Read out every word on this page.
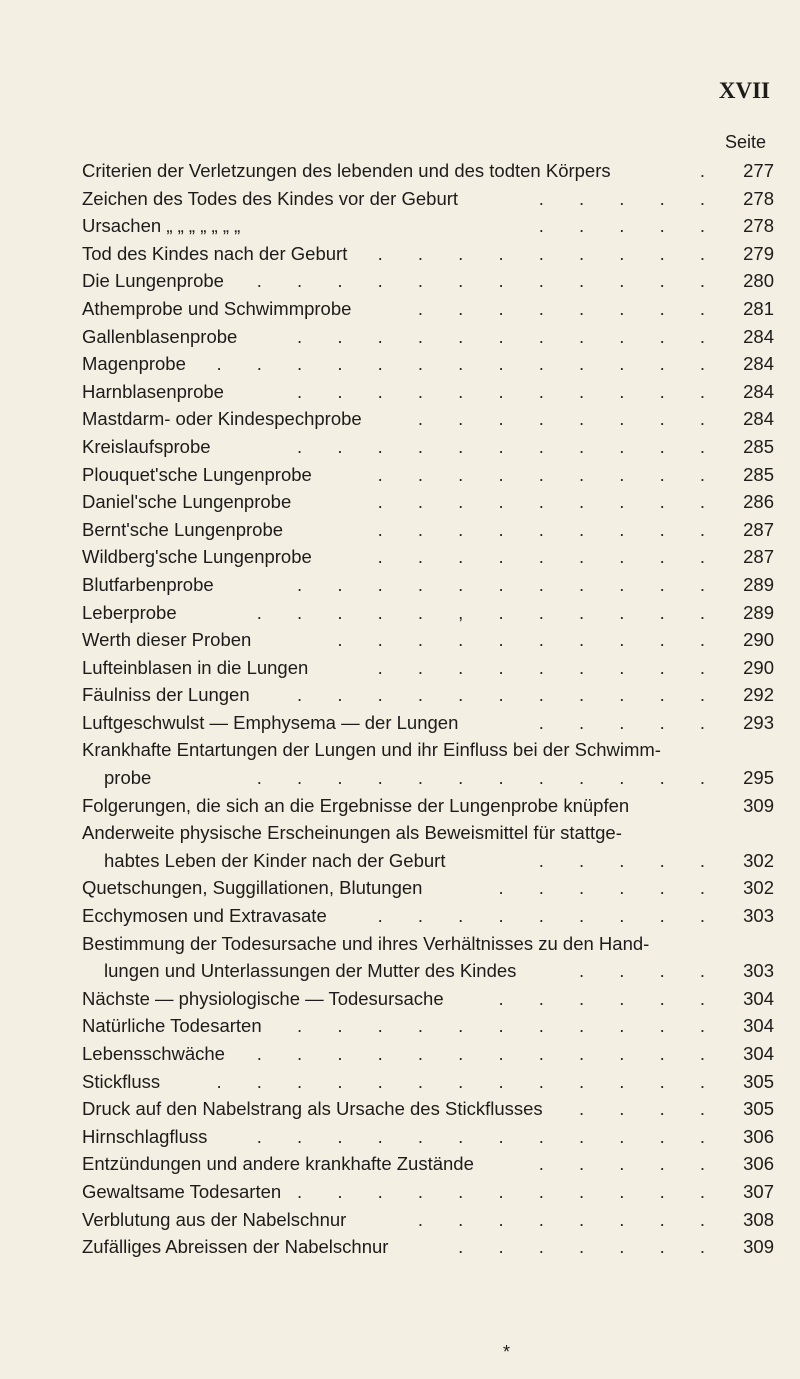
XVII
Seite
Criterien der Verletzungen des lebenden und des todten Körpers	.	277
Zeichen des Todes des Kindes vor der Geburt	. . . . .	278
Ursachen „ „ „ „ „ „ „	. . . . .	278
Tod des Kindes nach der Geburt . . . . . . . . .	279
Die Lungenprobe . . . . . . . . . . . .	280
Athemprobe und Schwimmprobe	. . . . . . . .	281
Gallenblasenprobe	. . . . . . . . . . .	284
Magenprobe . . . . . . . . . . . . .	284
Harnblasenprobe	. . . . . . . . . . .	284
Mastdarm- oder Kindespechprobe	. . . . . . . .	284
Kreislaufsprobe	. . . . . . . . . . .	285
Plouquet'sche Lungenprobe	. . . . . . . . .	285
Daniel'sche Lungenprobe	. . . . . . . . .	286
Bernt'sche Lungenprobe	. . . . . . . . .	287
Wildberg'sche Lungenprobe	. . . . . . . . .	287
Blutfarbenprobe	. . . . . . . . . . .	289
Leberprobe	. . . . . , . . . . . .	289
Werth dieser Proben	. . . . . . . . . .	290
Lufteinblasen in die Lungen	. . . . . . . . .	290
Fäulniss der Lungen	. . . . . . . . . . .	292
Luftgeschwulst — Emphysema — der Lungen	. . . . .	293
Krankhafte Entartungen der Lungen und ihr Einfluss bei der Schwimm-
probe	. . . . . . . . . . . .	295
Folgerungen, die sich an die Ergebnisse der Lungenprobe knüpfen	309
Anderweite physische Erscheinungen als Beweismittel für stattge-
habtes Leben der Kinder nach der Geburt	. . . . .	302
Quetschungen, Suggillationen, Blutungen	. . . . . .	302
Ecchymosen und Extravasate	. . . . . . . . .	303
Bestimmung der Todesursache und ihres Verhältnisses zu den Hand-
lungen und Unterlassungen der Mutter des Kindes	. . . .	303
Nächste — physiologische — Todesursache	. . . . . .	304
Natürliche Todesarten . . . . . . . . . . .	304
Lebensschwäche . . . . . . . . . . . .	304
Stickfluss	. . . . . . . . . . . . .	305
Druck auf den Nabelstrang als Ursache des Stickflusses . . . .	305
Hirnschlagfluss	. . . . . . . . . . . .	306
Entzündungen und andere krankhafte Zustände	. . . . .	306
Gewaltsame Todesarten . . . . . . . . . . .	307
Verblutung aus der Nabelschnur	. . . . . . . .	308
Zufälliges Abreissen der Nabelschnur	. . . . . . .	309
*
